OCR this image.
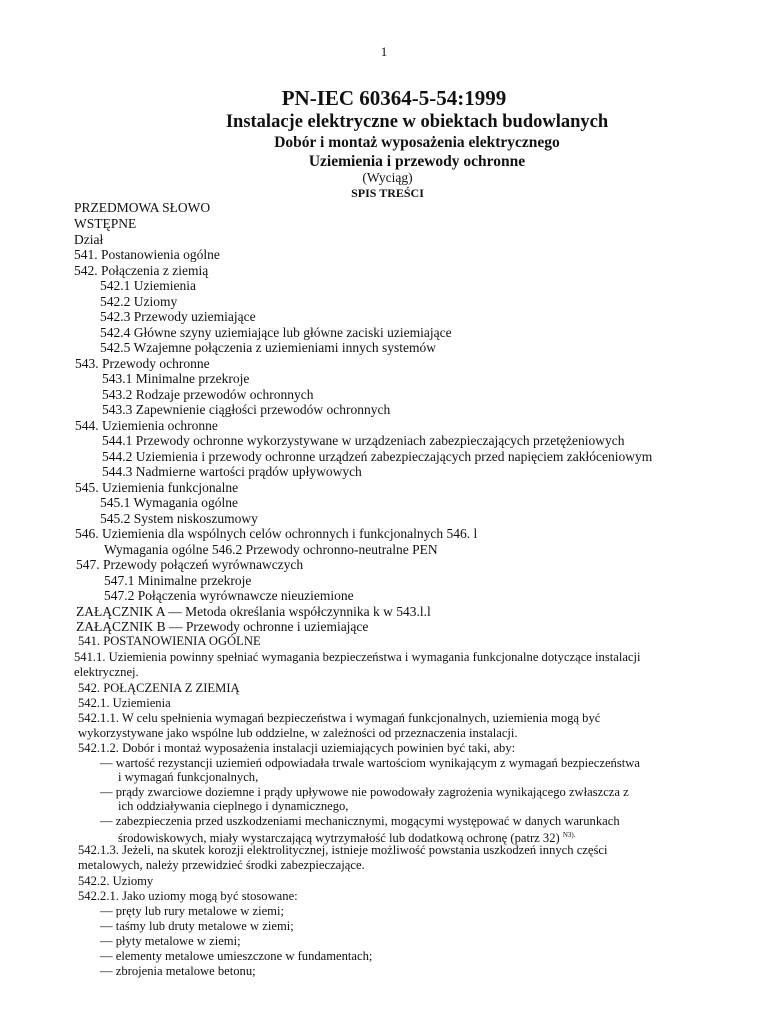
1
PN-IEC 60364-5-54:1999
Instalacje elektryczne w obiektach budowlanych
Dobór i montaż wyposażenia elektrycznego
Uziemienia i przewody ochronne
(Wyciąg)
SPIS TREŚCI
PRZEDMOWA SŁOWO
WSTĘPNE
Dział
541. Postanowienia ogólne
542. Połączenia z ziemią
542.1 Uziemienia
542.2 Uziomy
542.3 Przewody uziemiające
542.4 Główne szyny uziemiające lub główne zaciski uziemiające
542.5 Wzajemne połączenia z uziemieniami innych systemów
543. Przewody ochronne
543.1 Minimalne przekroje
543.2 Rodzaje przewodów ochronnych
543.3 Zapewnienie ciągłości przewodów ochronnych
544. Uziemienia ochronne
544.1 Przewody ochronne wykorzystywane w urządzeniach zabezpieczających przetężeniowych
544.2 Uziemienia i przewody ochronne urządzeń zabezpieczających przed napięciem zakłóceniowym
544.3 Nadmierne wartości prądów upływowych
545. Uziemienia funkcjonalne
545.1 Wymagania ogólne
545.2 System niskoszumowy
546. Uziemienia dla wspólnych celów ochronnych i funkcjonalnych 546. l
Wymagania ogólne 546.2 Przewody ochronno-neutralne PEN
547. Przewody połączeń wyrównawczych
547.1 Minimalne przekroje
547.2 Połączenia wyrównawcze nieuziemione
ZAŁĄCZNIK A — Metoda określania współczynnika k w 543.l.l
ZAŁĄCZNIK B — Przewody ochronne i uziemiające
541. POSTANOWIENIA OGÓLNE
541.1. Uziemienia powinny spełniać wymagania bezpieczeństwa i wymagania funkcjonalne dotyczące instalacji
elektrycznej.
542. POŁĄCZENIA Z ZIEMIĄ
542.1. Uziemienia
542.1.1. W celu spełnienia wymagań bezpieczeństwa i wymagań funkcjonalnych, uziemienia mogą być
wykorzystywane jako wspólne lub oddzielne, w zależności od przeznaczenia instalacji.
542.1.2. Dobór i montaż wyposażenia instalacji uziemiających powinien być taki, aby:
— wartość rezystancji uziemień odpowiadała trwale wartościom wynikającym z wymagań bezpieczeństwa
i wymagań funkcjonalnych,
— prądy zwarciowe doziemne i prądy upływowe nie powodowały zagrożenia wynikającego zwłaszcza z
ich oddziaływania cieplnego i dynamicznego,
— zabezpieczenia przed uszkodzeniami mechanicznymi, mogącymi występować w danych warunkach
środowiskowych, miały wystarczającą wytrzymałość lub dodatkową ochronę (patrz 32) $^{N3).}$
542.1.3. Jeżeli, na skutek korozji elektrolitycznej, istnieje możliwość powstania uszkodzeń innych części
metalowych, należy przewidzieć środki zabezpieczające.
542.2. Uziomy
542.2.1. Jako uziomy mogą być stosowane:
— pręty lub rury metalowe w ziemi;
— taśmy lub druty metalowe w ziemi;
— płyty metalowe w ziemi;
— elementy metalowe umieszczone w fundamentach;
— zbrojenia metalowe betonu;
